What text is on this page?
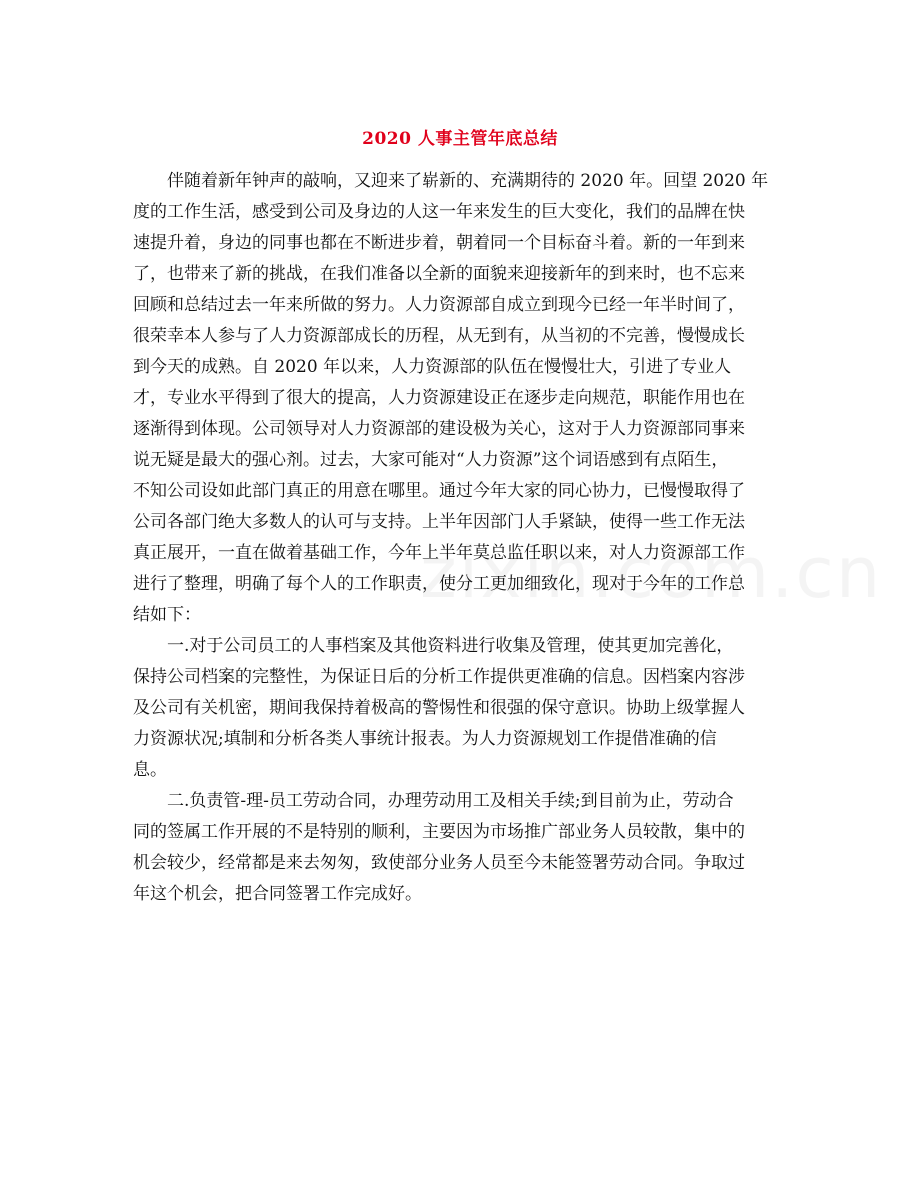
2020 人事主管年底总结
　　伴随着新年钟声的敲响，又迎来了崭新的、充满期待的 2020 年。回望 2020 年
度的工作生活，感受到公司及身边的人这一年来发生的巨大变化，我们的品牌在快
速提升着，身边的同事也都在不断进步着，朝着同一个目标奋斗着。新的一年到来
了，也带来了新的挑战，在我们准备以全新的面貌来迎接新年的到来时，也不忘来
回顾和总结过去一年来所做的努力。人力资源部自成立到现今已经一年半时间了，
很荣幸本人参与了人力资源部成长的历程，从无到有，从当初的不完善，慢慢成长
到今天的成熟。自 2020 年以来，人力资源部的队伍在慢慢壮大，引进了专业人
才，专业水平得到了很大的提高，人力资源建设正在逐步走向规范，职能作用也在
逐渐得到体现。公司领导对人力资源部的建设极为关心，这对于人力资源部同事来
说无疑是最大的强心剂。过去，大家可能对“人力资源”这个词语感到有点陌生，
不知公司设如此部门真正的用意在哪里。通过今年大家的同心协力，已慢慢取得了
公司各部门绝大多数人的认可与支持。上半年因部门人手紧缺，使得一些工作无法
真正展开，一直在做着基础工作，今年上半年莫总监任职以来，对人力资源部工作
进行了整理，明确了每个人的工作职责，使分工更加细致化，现对于今年的工作总
结如下：
　　一.对于公司员工的人事档案及其他资料进行收集及管理，使其更加完善化，
保持公司档案的完整性，为保证日后的分析工作提供更准确的信息。因档案内容涉
及公司有关机密，期间我保持着极高的警惕性和很强的保守意识。协助上级掌握人
力资源状况;填制和分析各类人事统计报表。为人力资源规划工作提借准确的信
息。
　　二.负责管-理-员工劳动合同，办理劳动用工及相关手续;到目前为止，劳动合
同的签属工作开展的不是特别的顺利，主要因为市场推广部业务人员较散，集中的
机会较少，经常都是来去匆匆，致使部分业务人员至今未能签署劳动合同。争取过
年这个机会，把合同签署工作完成好。
